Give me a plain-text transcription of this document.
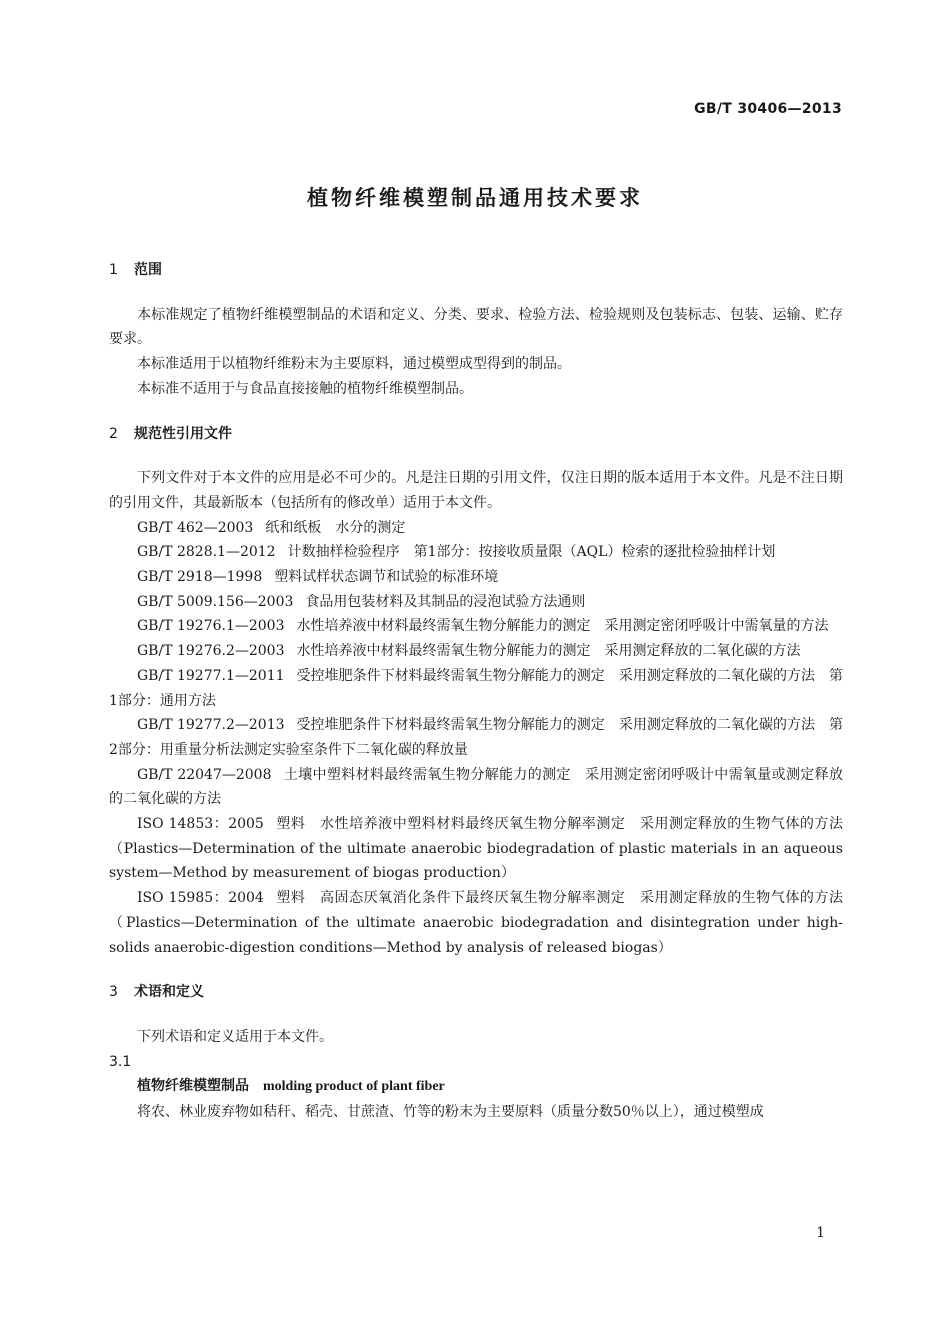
GB/T 30406—2013
植物纤维模塑制品通用技术要求
1 范围

本标准规定了植物纤维模塑制品的术语和定义、分类、要求、检验方法、检验规则及包装标志、包装、运输、贮存要求。

本标准适用于以植物纤维粉末为主要原料，通过模塑成型得到的制品。

本标准不适用于与食品直接接触的植物纤维模塑制品。

2 规范性引用文件

下列文件对于本文件的应用是必不可少的。凡是注日期的引用文件，仅注日期的版本适用于本文件。凡是不注日期的引用文件，其最新版本（包括所有的修改单）适用于本文件。

GB/T 462—2003 纸和纸板　水分的测定

GB/T 2828.1—2012 计数抽样检验程序　第1部分：按接收质量限（AQL）检索的逐批检验抽样计划

GB/T 2918—1998 塑料试样状态调节和试验的标准环境

GB/T 5009.156—2003 食品用包装材料及其制品的浸泡试验方法通则

GB/T 19276.1—2003 水性培养液中材料最终需氧生物分解能力的测定　采用测定密闭呼吸计中需氧量的方法

GB/T 19276.2—2003 水性培养液中材料最终需氧生物分解能力的测定　采用测定释放的二氧化碳的方法

GB/T 19277.1—2011 受控堆肥条件下材料最终需氧生物分解能力的测定　采用测定释放的二氧化碳的方法　第1部分：通用方法

GB/T 19277.2—2013 受控堆肥条件下材料最终需氧生物分解能力的测定　采用测定释放的二氧化碳的方法　第2部分：用重量分析法测定实验室条件下二氧化碳的释放量

GB/T 22047—2008 土壤中塑料材料最终需氧生物分解能力的测定　采用测定密闭呼吸计中需氧量或测定释放的二氧化碳的方法

ISO 14853：2005 塑料　水性培养液中塑料材料最终厌氧生物分解率测定　采用测定释放的生物气体的方法（Plastics—Determination of the ultimate anaerobic biodegradation of plastic materials in an aqueous system—Method by measurement of biogas production）

ISO 15985：2004 塑料　高固态厌氧消化条件下最终厌氧生物分解率测定　采用测定释放的生物气体的方法（Plastics—Determination of the ultimate anaerobic biodegradation and disintegration under high-solids anaerobic-digestion conditions—Method by analysis of released biogas）

3 术语和定义

下列术语和定义适用于本文件。

3.1

植物纤维模塑制品 molding product of plant fiber

将农、林业废弃物如秸秆、稻壳、甘蔗渣、竹等的粉末为主要原料（质量分数50％以上），通过模塑成

1
